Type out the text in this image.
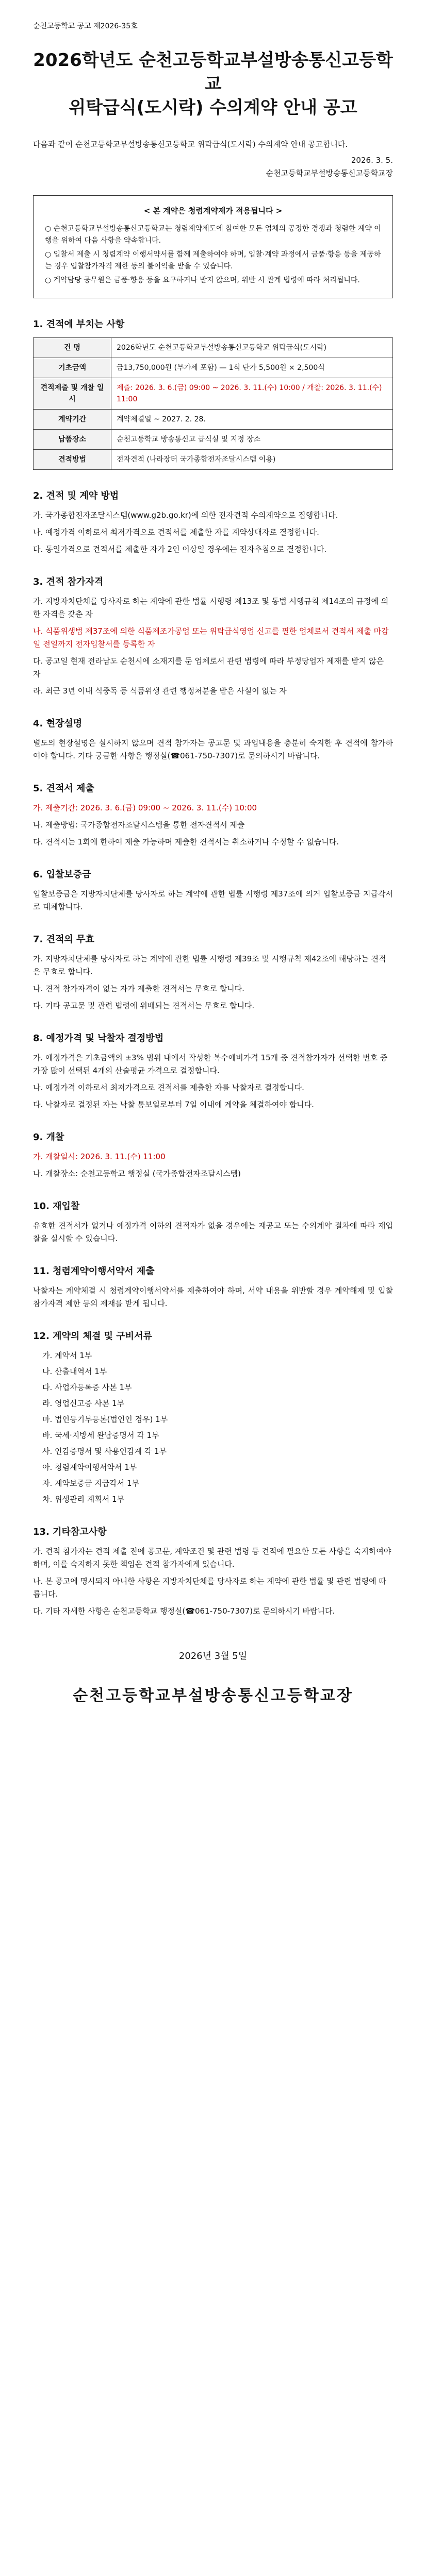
순천고등학교 공고 제2026-35호
2026학년도 순천고등학교부설방송통신고등학교
위탁급식(도시락) 수의계약 안내 공고

다음과 같이 순천고등학교부설방송통신고등학교 위탁급식(도시락) 수의계약 안내 공고합니다.

2026. 3. 5.

순천고등학교부설방송통신고등학교장

< 본 계약은 청렴계약제가 적용됩니다 >

○ 순천고등학교부설방송통신고등학교는 청렴계약제도에 참여한 모든 업체의 공정한 경쟁과 청렴한 계약 이행을 위하여 다음 사항을 약속합니다.

○ 입찰서 제출 시 청렴계약 이행서약서를 함께 제출하여야 하며, 입찰·계약 과정에서 금품·향응 등을 제공하는 경우 입찰참가자격 제한 등의 불이익을 받을 수 있습니다.

○ 계약담당 공무원은 금품·향응 등을 요구하거나 받지 않으며, 위반 시 관계 법령에 따라 처리됩니다.

1. 견적에 부치는 사항
건 명	2026학년도 순천고등학교부설방송통신고등학교 위탁급식(도시락)
기초금액	금13,750,000원 (부가세 포함) — 1식 단가 5,500원 × 2,500식
견적제출 및 개찰 일시	제출: 2026. 3. 6.(금) 09:00 ~ 2026. 3. 11.(수) 10:00 / 개찰: 2026. 3. 11.(수) 11:00
계약기간	계약체결일 ~ 2027. 2. 28.
납품장소	순천고등학교 방송통신고 급식실 및 지정 장소
견적방법	전자견적 (나라장터 국가종합전자조달시스템 이용)
2. 견적 및 계약 방법

가. 국가종합전자조달시스템(www.g2b.go.kr)에 의한 전자견적 수의계약으로 집행합니다.

나. 예정가격 이하로서 최저가격으로 견적서를 제출한 자를 계약상대자로 결정합니다.

다. 동일가격으로 견적서를 제출한 자가 2인 이상일 경우에는 전자추첨으로 결정합니다.

3. 견적 참가자격

가. 지방자치단체를 당사자로 하는 계약에 관한 법률 시행령 제13조 및 동법 시행규칙 제14조의 규정에 의한 자격을 갖춘 자

나. 식품위생법 제37조에 의한 식품제조가공업 또는 위탁급식영업 신고를 필한 업체로서 견적서 제출 마감일 전일까지 전자입찰서를 등록한 자

다. 공고일 현재 전라남도 순천시에 소재지를 둔 업체로서 관련 법령에 따라 부정당업자 제재를 받지 않은 자

라. 최근 3년 이내 식중독 등 식품위생 관련 행정처분을 받은 사실이 없는 자

4. 현장설명

별도의 현장설명은 실시하지 않으며 견적 참가자는 공고문 및 과업내용을 충분히 숙지한 후 견적에 참가하여야 합니다. 기타 궁금한 사항은 행정실(☎061-750-7307)로 문의하시기 바랍니다.

5. 견적서 제출

가. 제출기간: 2026. 3. 6.(금) 09:00 ~ 2026. 3. 11.(수) 10:00

나. 제출방법: 국가종합전자조달시스템을 통한 전자견적서 제출

다. 견적서는 1회에 한하여 제출 가능하며 제출한 견적서는 취소하거나 수정할 수 없습니다.

6. 입찰보증금

입찰보증금은 지방자치단체를 당사자로 하는 계약에 관한 법률 시행령 제37조에 의거 입찰보증금 지급각서로 대체합니다.

7. 견적의 무효

가. 지방자치단체를 당사자로 하는 계약에 관한 법률 시행령 제39조 및 시행규칙 제42조에 해당하는 견적은 무효로 합니다.

나. 견적 참가자격이 없는 자가 제출한 견적서는 무효로 합니다.

다. 기타 공고문 및 관련 법령에 위배되는 견적서는 무효로 합니다.

8. 예정가격 및 낙찰자 결정방법

가. 예정가격은 기초금액의 ±3% 범위 내에서 작성한 복수예비가격 15개 중 견적참가자가 선택한 번호 중 가장 많이 선택된 4개의 산술평균 가격으로 결정합니다.

나. 예정가격 이하로서 최저가격으로 견적서를 제출한 자를 낙찰자로 결정합니다.

다. 낙찰자로 결정된 자는 낙찰 통보일로부터 7일 이내에 계약을 체결하여야 합니다.

9. 개찰

가. 개찰일시: 2026. 3. 11.(수) 11:00

나. 개찰장소: 순천고등학교 행정실 (국가종합전자조달시스템)

10. 재입찰

유효한 견적서가 없거나 예정가격 이하의 견적자가 없을 경우에는 재공고 또는 수의계약 절차에 따라 재입찰을 실시할 수 있습니다.

11. 청렴계약이행서약서 제출

낙찰자는 계약체결 시 청렴계약이행서약서를 제출하여야 하며, 서약 내용을 위반할 경우 계약해제 및 입찰참가자격 제한 등의 제재를 받게 됩니다.

12. 계약의 체결 및 구비서류

가. 계약서 1부

나. 산출내역서 1부

다. 사업자등록증 사본 1부

라. 영업신고증 사본 1부

마. 법인등기부등본(법인인 경우) 1부

바. 국세·지방세 완납증명서 각 1부

사. 인감증명서 및 사용인감계 각 1부

아. 청렴계약이행서약서 1부

자. 계약보증금 지급각서 1부

차. 위생관리 계획서 1부

13. 기타참고사항

가. 견적 참가자는 견적 제출 전에 공고문, 계약조건 및 관련 법령 등 견적에 필요한 모든 사항을 숙지하여야 하며, 이를 숙지하지 못한 책임은 견적 참가자에게 있습니다.

나. 본 공고에 명시되지 아니한 사항은 지방자치단체를 당사자로 하는 계약에 관한 법률 및 관련 법령에 따릅니다.

다. 기타 자세한 사항은 순천고등학교 행정실(☎061-750-7307)로 문의하시기 바랍니다.

2026년 3월 5일
순천고등학교부설방송통신고등학교장
